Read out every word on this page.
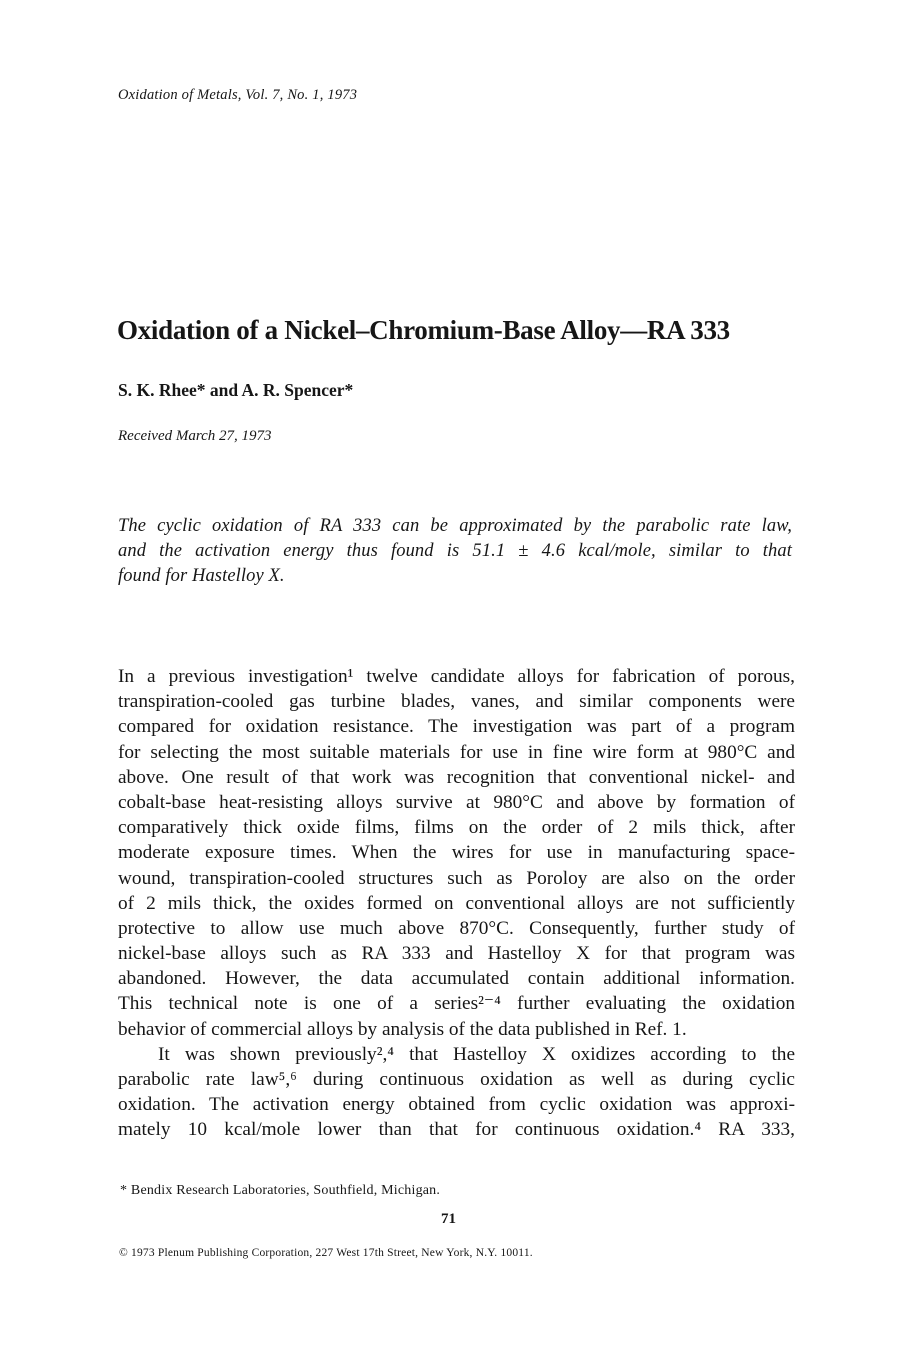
Oxidation of Metals, Vol. 7, No. 1, 1973
Oxidation of a Nickel–Chromium-Base Alloy—RA 333
S. K. Rhee* and A. R. Spencer*
Received March 27, 1973
The cyclic oxidation of RA 333 can be approximated by the parabolic rate law,
and the activation energy thus found is 51.1 ± 4.6 kcal/mole, similar to that
found for Hastelloy X.
In a previous investigation¹ twelve candidate alloys for fabrication of porous,
transpiration-cooled gas turbine blades, vanes, and similar components were
compared for oxidation resistance. The investigation was part of a program
for selecting the most suitable materials for use in fine wire form at 980°C and
above. One result of that work was recognition that conventional nickel- and
cobalt-base heat-resisting alloys survive at 980°C and above by formation of
comparatively thick oxide films, films on the order of 2 mils thick, after
moderate exposure times. When the wires for use in manufacturing space-
wound, transpiration-cooled structures such as Poroloy are also on the order
of 2 mils thick, the oxides formed on conventional alloys are not sufficiently
protective to allow use much above 870°C. Consequently, further study of
nickel-base alloys such as RA 333 and Hastelloy X for that program was
abandoned. However, the data accumulated contain additional information.
This technical note is one of a series²⁻⁴ further evaluating the oxidation
behavior of commercial alloys by analysis of the data published in Ref. 1.
It was shown previously²,⁴ that Hastelloy X oxidizes according to the
parabolic rate law⁵,⁶ during continuous oxidation as well as during cyclic
oxidation. The activation energy obtained from cyclic oxidation was approxi-
mately 10 kcal/mole lower than that for continuous oxidation.⁴ RA 333,
* Bendix Research Laboratories, Southfield, Michigan.
71
© 1973 Plenum Publishing Corporation, 227 West 17th Street, New York, N.Y. 10011.
